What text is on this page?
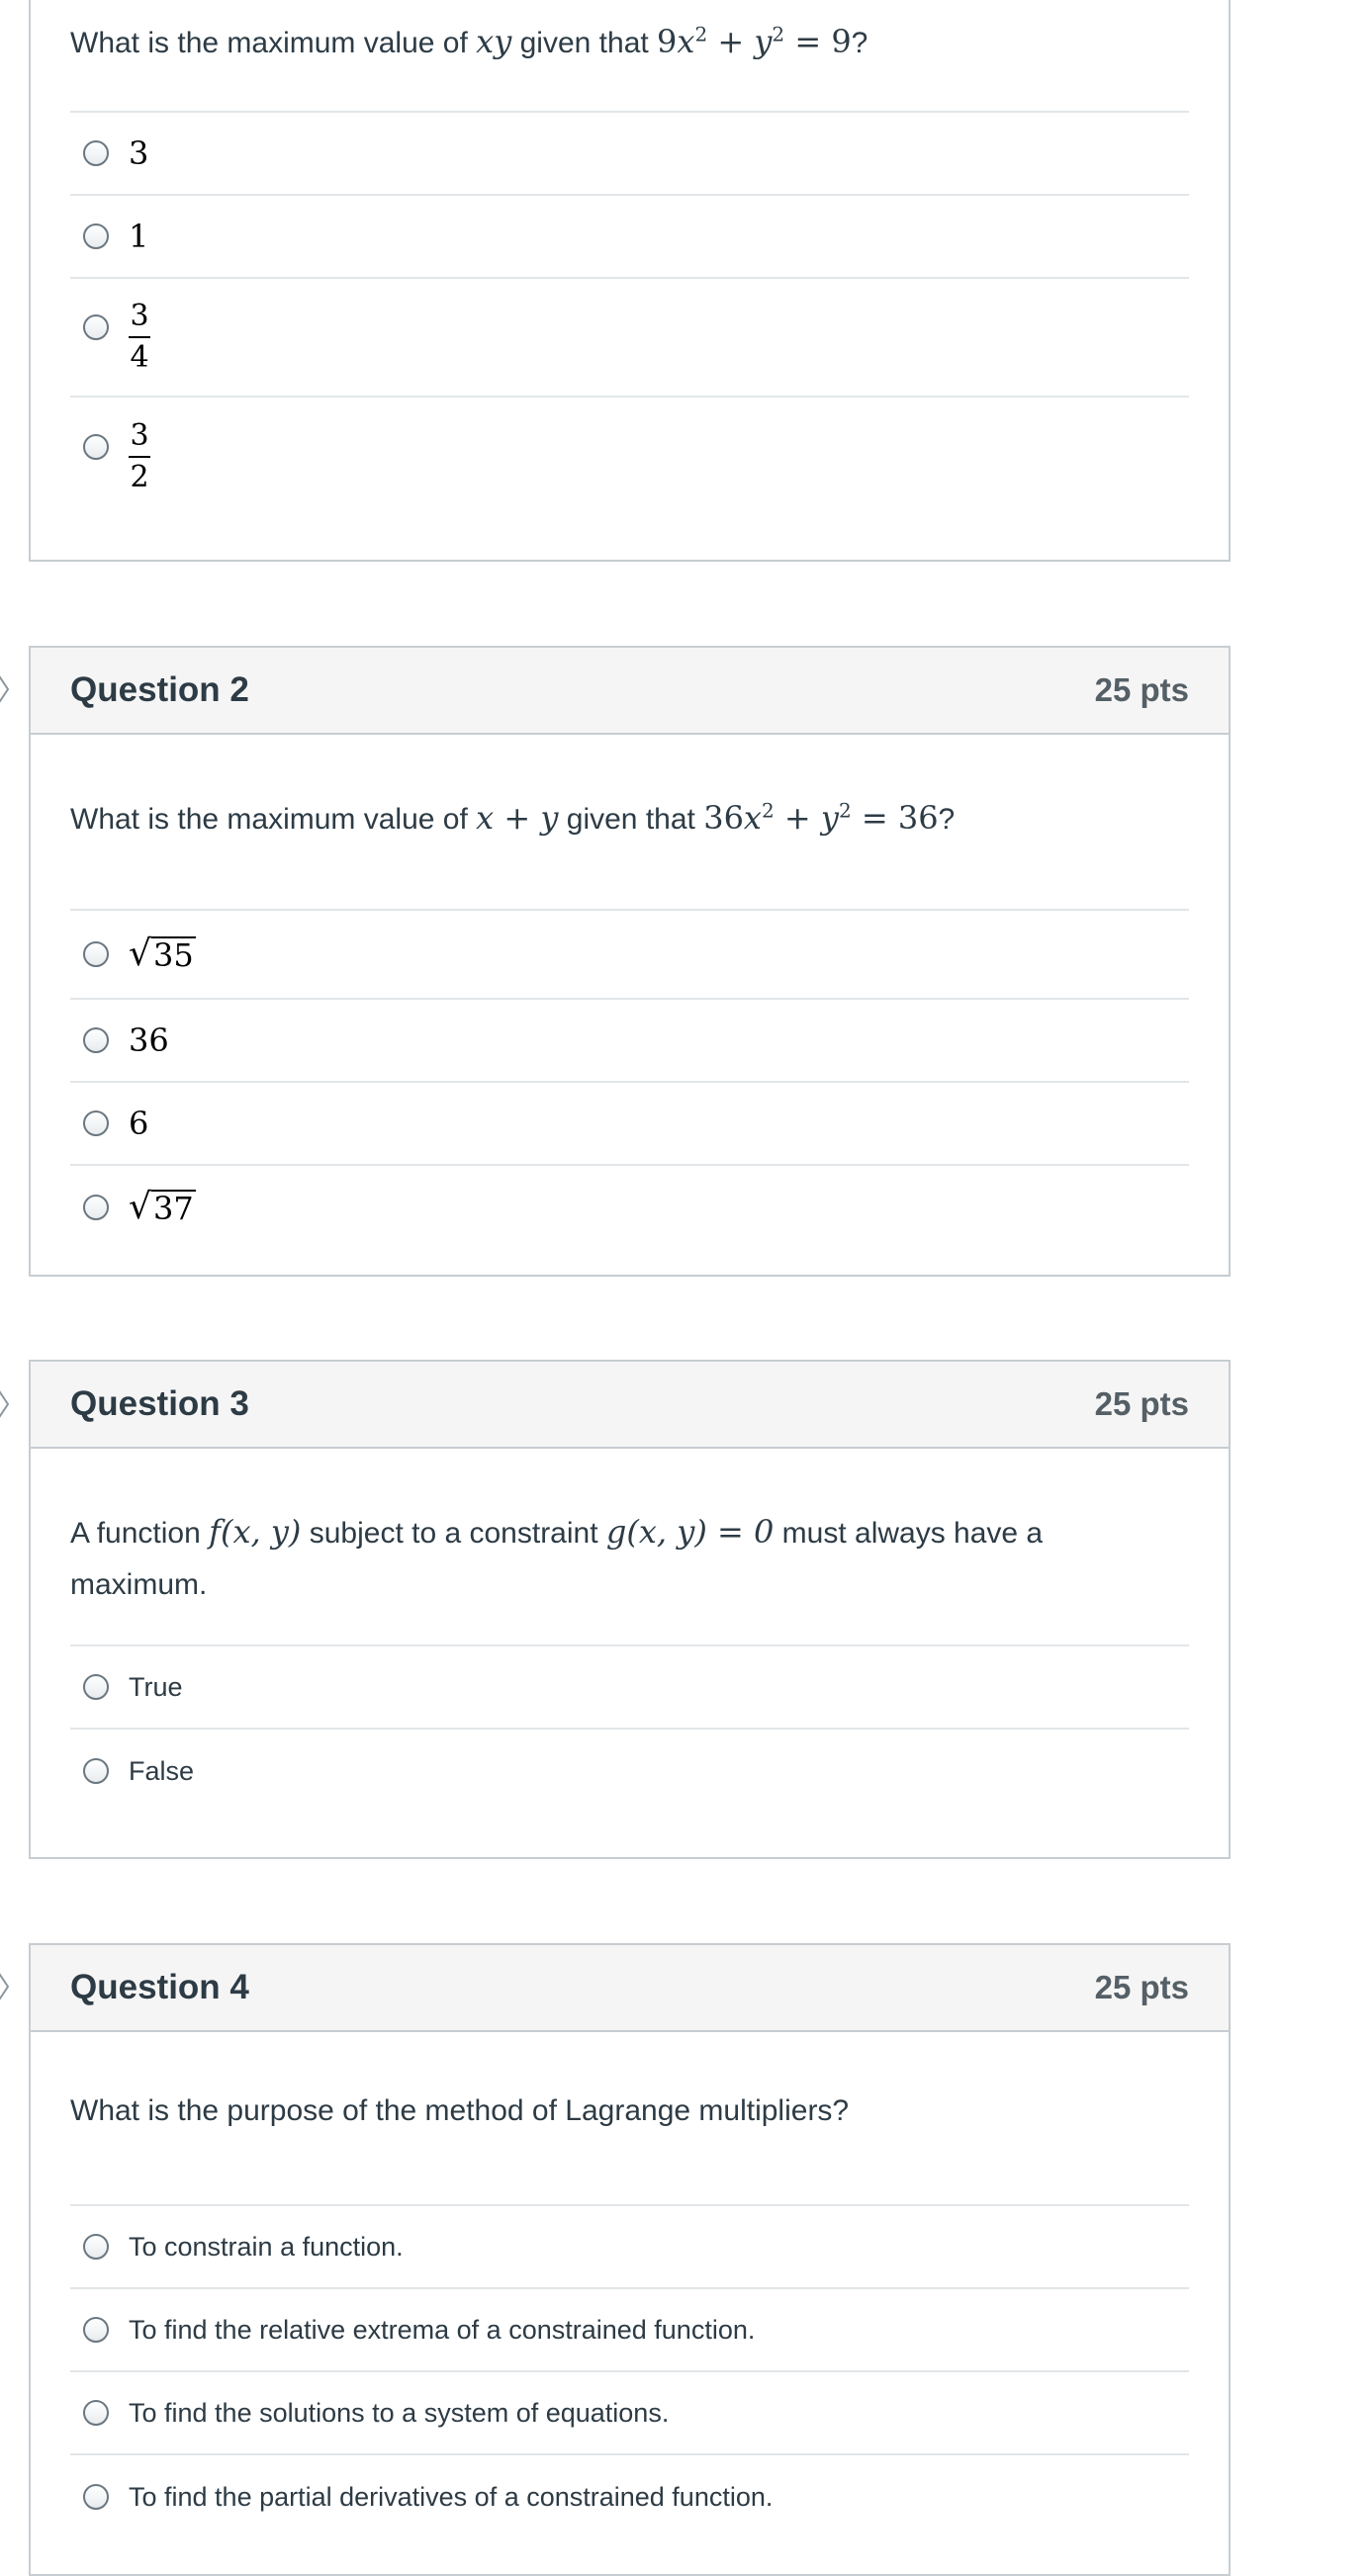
What is the maximum value of xy given that $9x^2 + y^2 = 9$?
3
1
$\frac{3}{4}$
$\frac{3}{2}$
Question 2	25 pts
What is the maximum value of x + y given that $36x^2 + y^2 = 36$?
√ 35
36
6
√ 37
Question 3	25 pts
A function f(x, y) subject to a constraint g(x, y) = 0 must always have a maximum.
True
False
Question 4	25 pts
What is the purpose of the method of Lagrange multipliers?
To constrain a function.
To find the relative extrema of a constrained function.
To find the solutions to a system of equations.
To find the partial derivatives of a constrained function.
